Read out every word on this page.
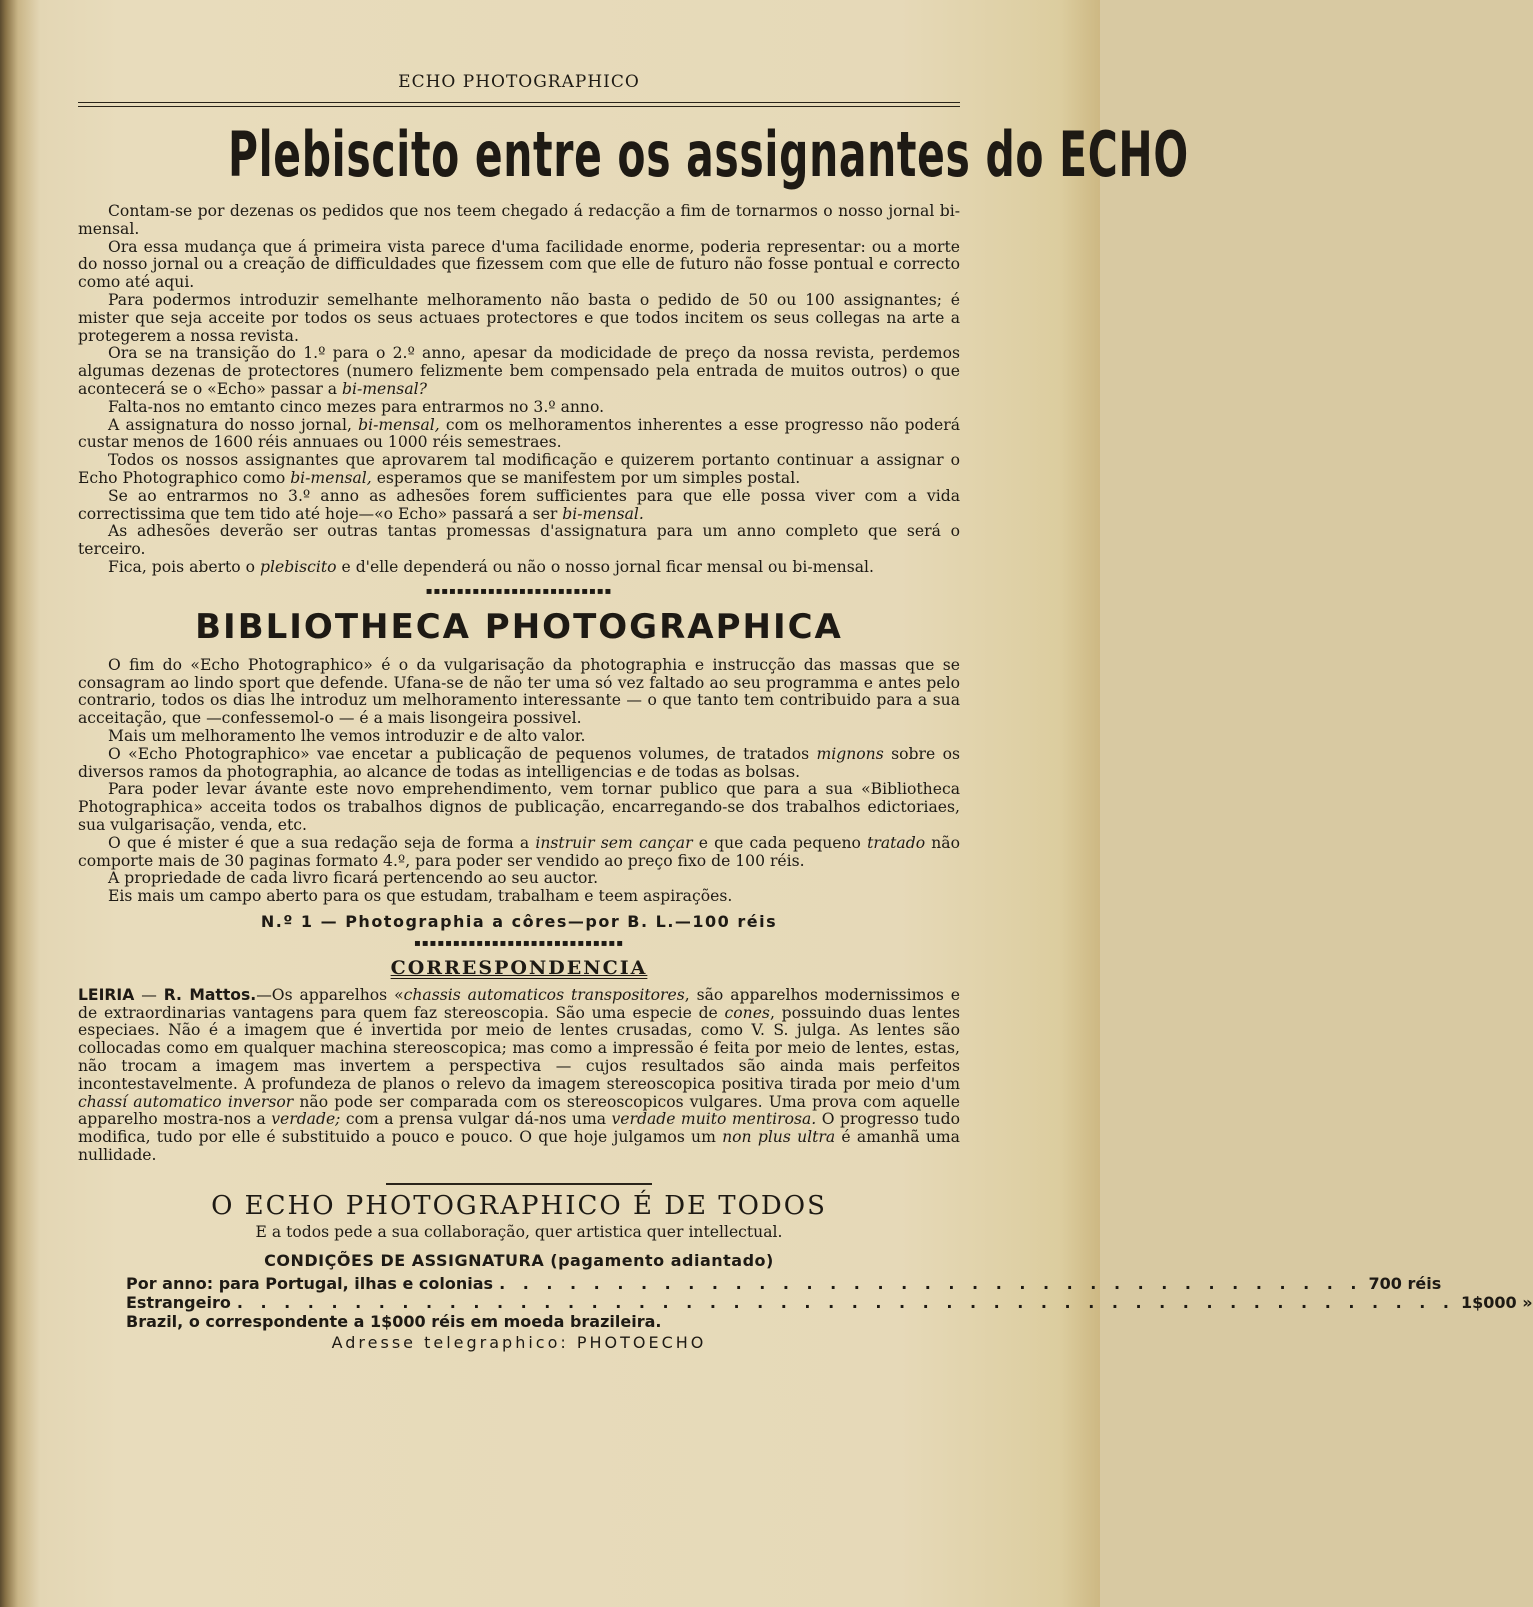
ECHO PHOTOGRAPHICO
Plebiscito entre os assignantes do ECHO

Contam-se por dezenas os pedidos que nos teem chegado á redacção a fim de tornarmos o nosso jornal bi-mensal.

Ora essa mudança que á primeira vista parece d'uma facilidade enorme, poderia representar: ou a morte do nosso jornal ou a creação de difficuldades que fizessem com que elle de futuro não fosse pontual e correcto como até aqui.

Para podermos introduzir semelhante melhoramento não basta o pedido de 50 ou 100 assignantes; é mister que seja acceite por todos os seus actuaes protectores e que todos incitem os seus collegas na arte a protegerem a nossa revista.

Ora se na transição do 1.º para o 2.º anno, apesar da modicidade de preço da nossa revista, perdemos algumas dezenas de protectores (numero felizmente bem compensado pela entrada de muitos outros) o que acontecerá se o «Echo» passar a bi-mensal?

Falta-nos no emtanto cinco mezes para entrarmos no 3.º anno.

A assignatura do nosso jornal, bi-mensal, com os melhoramentos inherentes a esse progresso não poderá custar menos de 1600 réis annuaes ou 1000 réis semestraes.

Todos os nossos assignantes que aprovarem tal modificação e quizerem portanto continuar a assignar o Echo Photographico como bi-mensal, esperamos que se manifestem por um simples postal.

Se ao entrarmos no 3.º anno as adhesões forem sufficientes para que elle possa viver com a vida correctissima que tem tido até hoje—«o Echo» passará a ser bi-mensal.

As adhesões deverão ser outras tantas promessas d'assignatura para um anno completo que será o terceiro.

Fica, pois aberto o plebiscito e d'elle dependerá ou não o nosso jornal ficar mensal ou bi-mensal.

▪▪▪▪▪▪▪▪▪▪▪▪▪▪▪▪▪▪▪▪▪▪▪▪
BIBLIOTHECA PHOTOGRAPHICA

O fim do «Echo Photographico» é o da vulgarisação da photographia e instrucção das massas que se consagram ao lindo sport que defende. Ufana-se de não ter uma só vez faltado ao seu programma e antes pelo contrario, todos os dias lhe introduz um melhoramento interessante — o que tanto tem contribuido para a sua acceitação, que —confessemol-o — é a mais lisongeira possivel.

Mais um melhoramento lhe vemos introduzir e de alto valor.

O «Echo Photographico» vae encetar a publicação de pequenos volumes, de tratados mignons sobre os diversos ramos da photographia, ao alcance de todas as intelligencias e de todas as bolsas.

Para poder levar ávante este novo emprehendimento, vem tornar publico que para a sua «Bibliotheca Photographica» acceita todos os trabalhos dignos de publicação, encarregando-se dos trabalhos edictoriaes, sua vulgarisação, venda, etc.

O que é mister é que a sua redação seja de forma a instruir sem cançar e que cada pequeno tratado não comporte mais de 30 paginas formato 4.º, para poder ser vendido ao preço fixo de 100 réis.

A propriedade de cada livro ficará pertencendo ao seu auctor.

Eis mais um campo aberto para os que estudam, trabalham e teem aspirações.

N.º 1 — Photographia a côres—por B. L.—100 réis
▪▪▪▪▪▪▪▪▪▪▪▪▪▪▪▪▪▪▪▪▪▪▪▪▪▪▪
CORRESPONDENCIA

LEIRIA — R. Mattos.—Os apparelhos «chassis automaticos transpositores, são apparelhos modernissimos e de extraordinarias vantagens para quem faz stereoscopia. São uma especie de cones, possuindo duas lentes especiaes. Não é a imagem que é invertida por meio de lentes crusadas, como V. S. julga. As lentes são collocadas como em qualquer machina stereoscopica; mas como a impressão é feita por meio de lentes, estas, não trocam a imagem mas invertem a perspectiva — cujos resultados são ainda mais perfeitos incontestavelmente. A profundeza de planos o relevo da imagem stereoscopica positiva tirada por meio d'um chassí automatico inversor não pode ser comparada com os stereoscopicos vulgares. Uma prova com aquelle apparelho mostra-nos a verdade; com a prensa vulgar dá-nos uma verdade muito mentirosa. O progresso tudo modifica, tudo por elle é substituido a pouco e pouco. O que hoje julgamos um non plus ultra é amanhã uma nullidade.

O ECHO PHOTOGRAPHICO É DE TODOS
E a todos pede a sua collaboração, quer artistica quer intellectual.
CONDIÇÕES DE ASSIGNATURA (pagamento adiantado)
Por anno: para Portugal, ilhas e colonias . . . . . . . . . . . . . . . . . . . . . . . . . . . . . . . . . . . . . 700 réis
Estrangeiro . . . . . . . . . . . . . . . . . . . . . . . . . . . . . . . . . . . . . . . . . . . . . . . . . . . . 1$000 »
Brazil, o correspondente a 1$000 réis em moeda brazileira.
Adresse telegraphico: PHOTOECHO
